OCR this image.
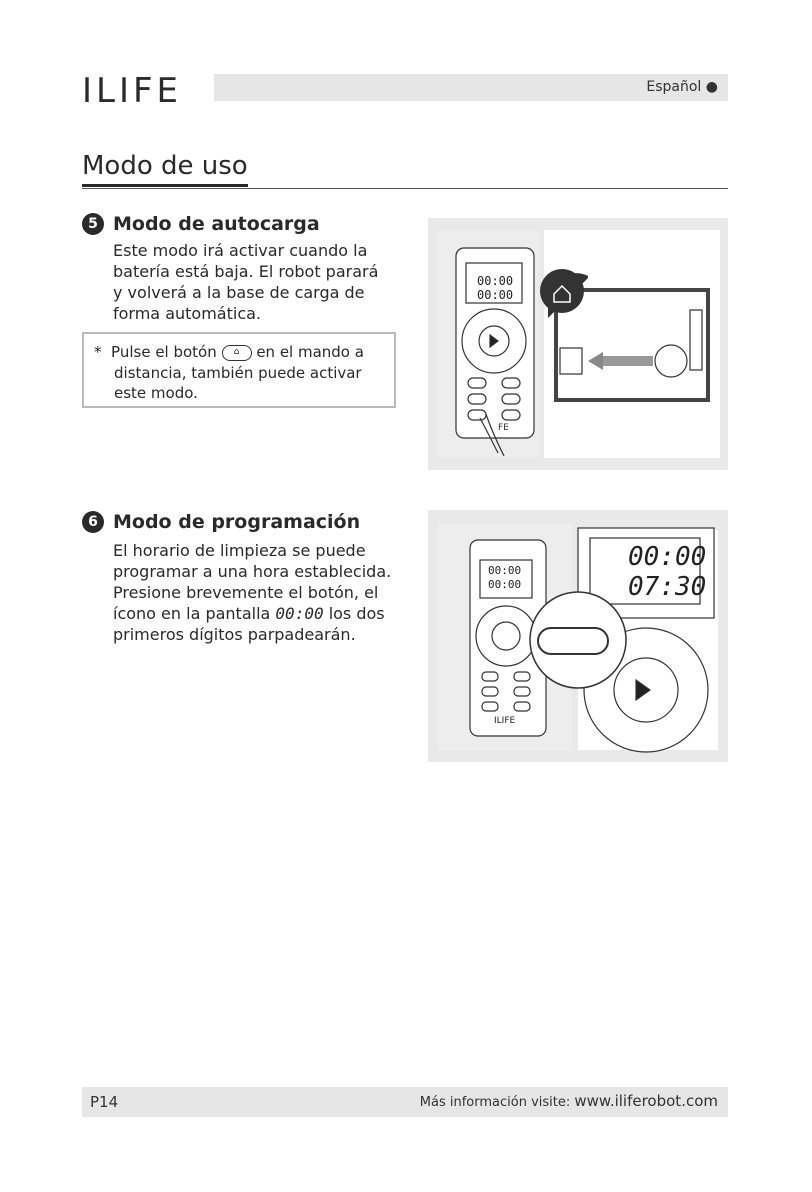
ILIFE	Español ●
Modo de uso
5 Modo de autocarga
Este modo irá activar cuando la
batería está baja. El robot parará
y volverá a la base de carga de
forma automática.
* Pulse el botón ⌂ en el mando a
distancia, también puede activar
este modo.
00:00
00:00
FE
6 Modo de programación
El horario de limpieza se puede
programar a una hora establecida.
Presione brevemente el botón, el
ícono en la pantalla 00:00 los dos
primeros dígitos parpadearán.
00:00
07:30
00:00
00:00
ILIFE
P14	Más información visite: www.iliferobot.com
